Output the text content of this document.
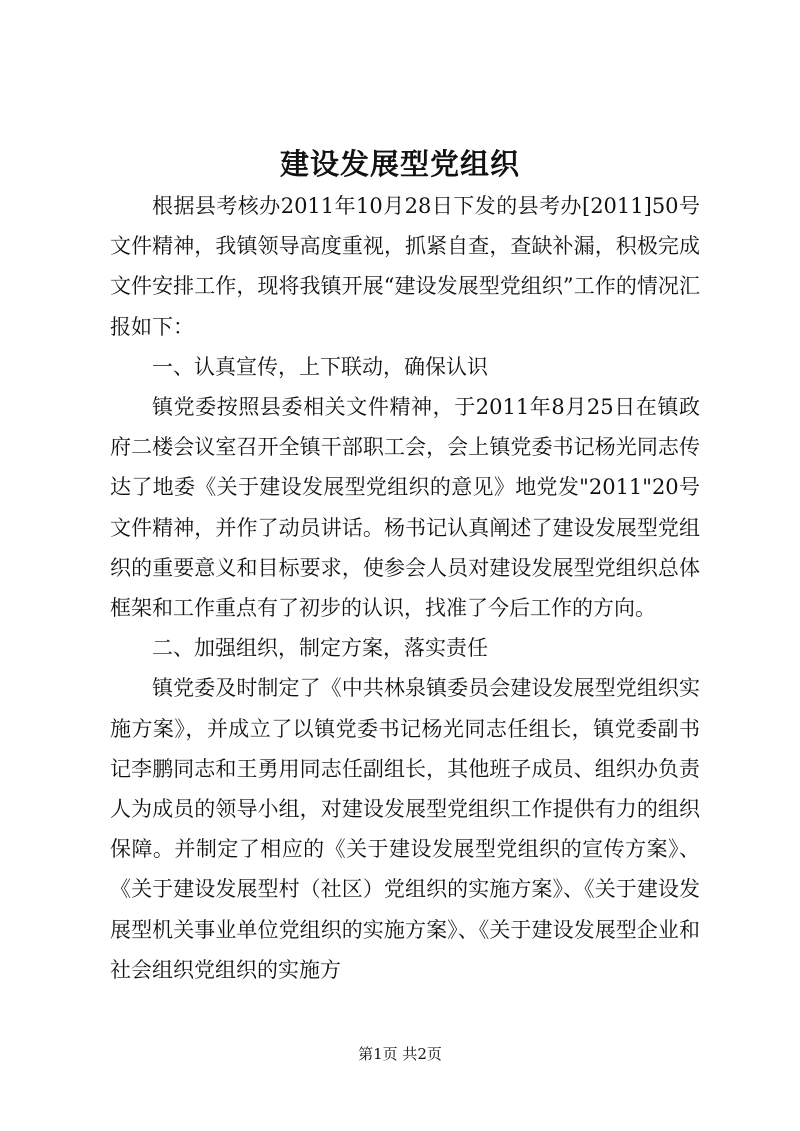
建设发展型党组织

根据县考核办2011年10月28日下发的县考办[2011]50号文件精神，我镇领导高度重视，抓紧自查，查缺补漏，积极完成文件安排工作，现将我镇开展“建设发展型党组织”工作的情况汇报如下：

一、认真宣传，上下联动，确保认识

镇党委按照县委相关文件精神，于2011年8月25日在镇政府二楼会议室召开全镇干部职工会，会上镇党委书记杨光同志传达了地委《关于建设发展型党组织的意见》地党发"2011"20号文件精神，并作了动员讲话。杨书记认真阐述了建设发展型党组织的重要意义和目标要求，使参会人员对建设发展型党组织总体框架和工作重点有了初步的认识，找准了今后工作的方向。

二、加强组织，制定方案，落实责任

镇党委及时制定了《中共林泉镇委员会建设发展型党组织实施方案》，并成立了以镇党委书记杨光同志任组长，镇党委副书记李鹏同志和王勇用同志任副组长，其他班子成员、组织办负责人为成员的领导小组，对建设发展型党组织工作提供有力的组织保障。并制定了相应的《关于建设发展型党组织的宣传方案》、《关于建设发展型村（社区）党组织的实施方案》、《关于建设发展型机关事业单位党组织的实施方案》、《关于建设发展型企业和社会组织党组织的实施方

第1页 共2页
